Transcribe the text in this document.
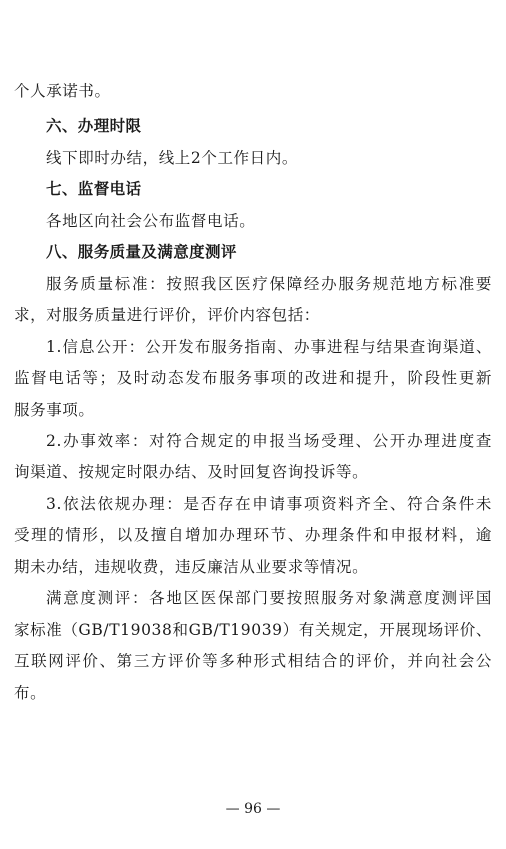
个人承诺书。
六、办理时限
线下即时办结，线上2个工作日内。
七、监督电话
各地区向社会公布监督电话。
八、服务质量及满意度测评
服务质量标准：按照我区医疗保障经办服务规范地方标准要
求，对服务质量进行评价，评价内容包括：
1.信息公开：公开发布服务指南、办事进程与结果查询渠道、
监督电话等；及时动态发布服务事项的改进和提升，阶段性更新
服务事项。
2.办事效率：对符合规定的申报当场受理、公开办理进度查
询渠道、按规定时限办结、及时回复咨询投诉等。
3.依法依规办理：是否存在申请事项资料齐全、符合条件未
受理的情形，以及擅自增加办理环节、办理条件和申报材料，逾
期未办结，违规收费，违反廉洁从业要求等情况。
满意度测评：各地区医保部门要按照服务对象满意度测评国
家标准（GB/T19038和GB/T19039）有关规定，开展现场评价、
互联网评价、第三方评价等多种形式相结合的评价，并向社会公
布。
— 96 —
